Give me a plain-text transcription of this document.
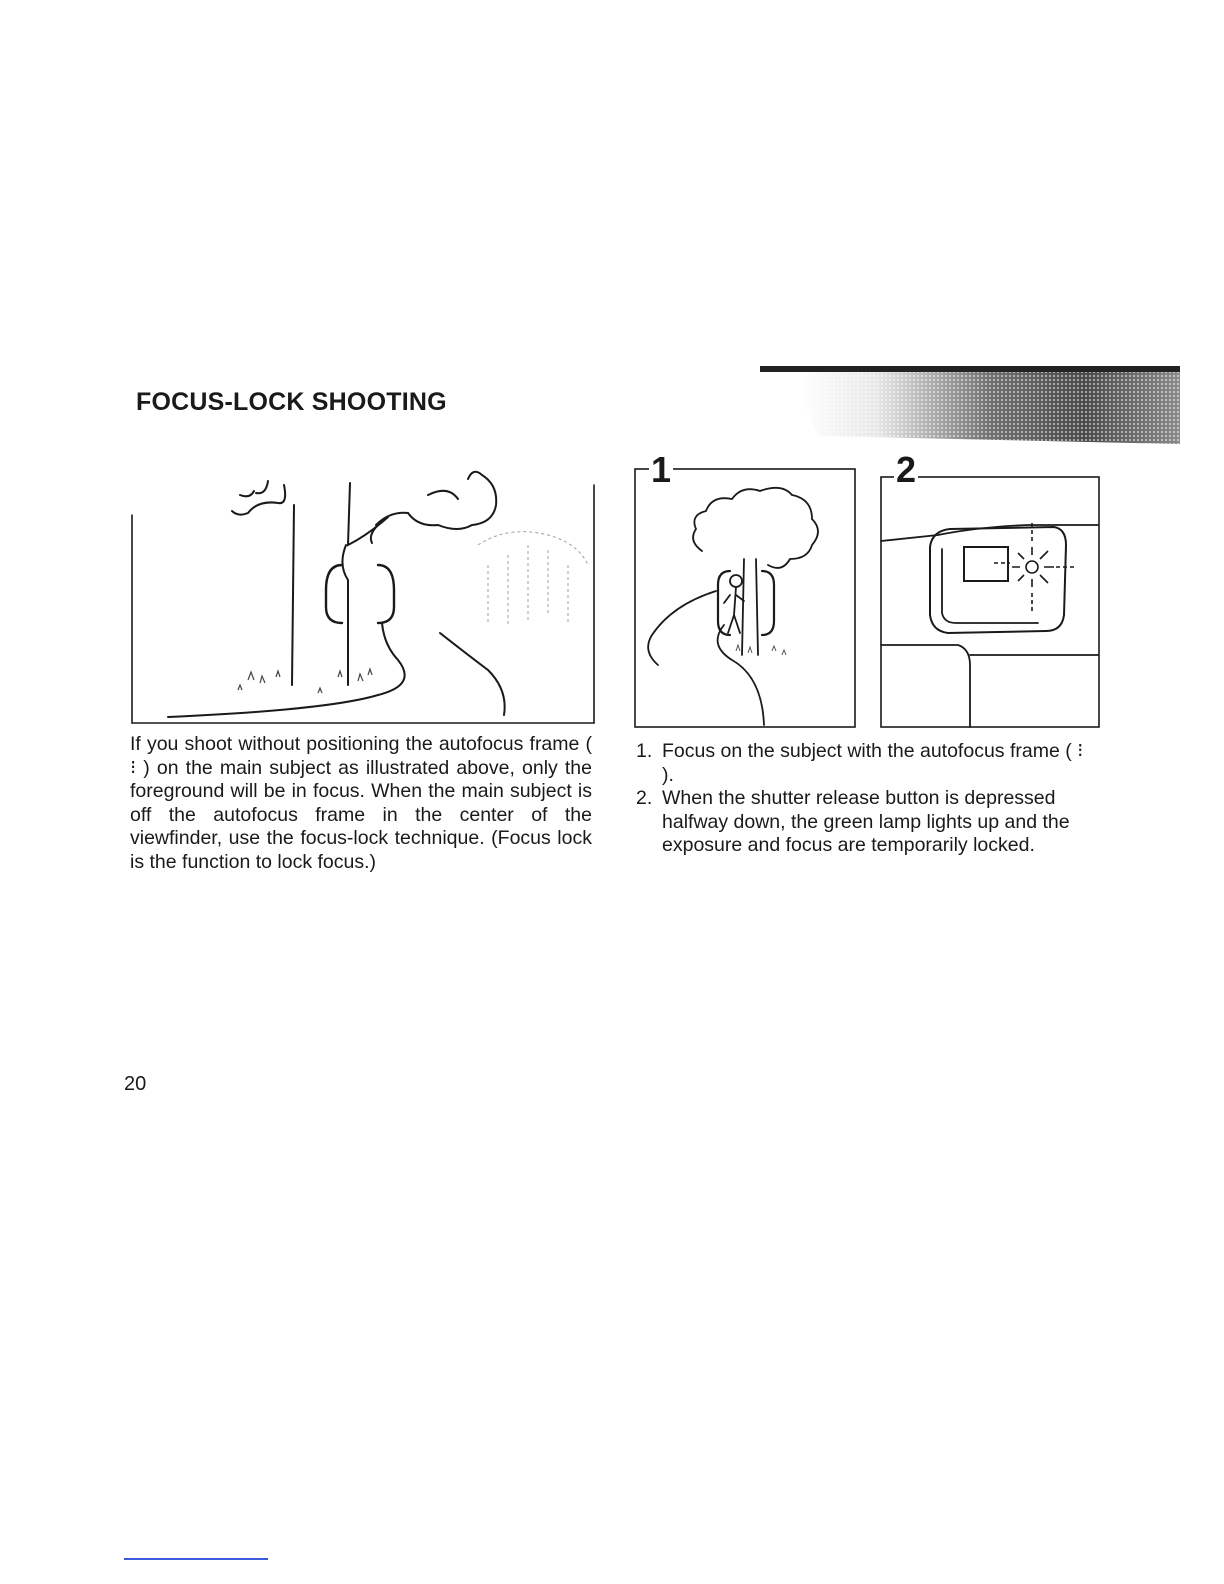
FOCUS-LOCK SHOOTING
1	2

If you shoot without positioning the autofocus frame ( ⁝ ) on the main subject as illustrated above, only the foreground will be in focus. When the main subject is off the autofocus frame in the center of the viewfinder, use the focus-lock technique. (Focus lock is the function to lock focus.)

1. Focus on the subject with the autofocus frame ( ⁝ ).
2. When the shutter release button is depressed halfway down, the green lamp lights up and the exposure and focus are temporarily locked.
20
